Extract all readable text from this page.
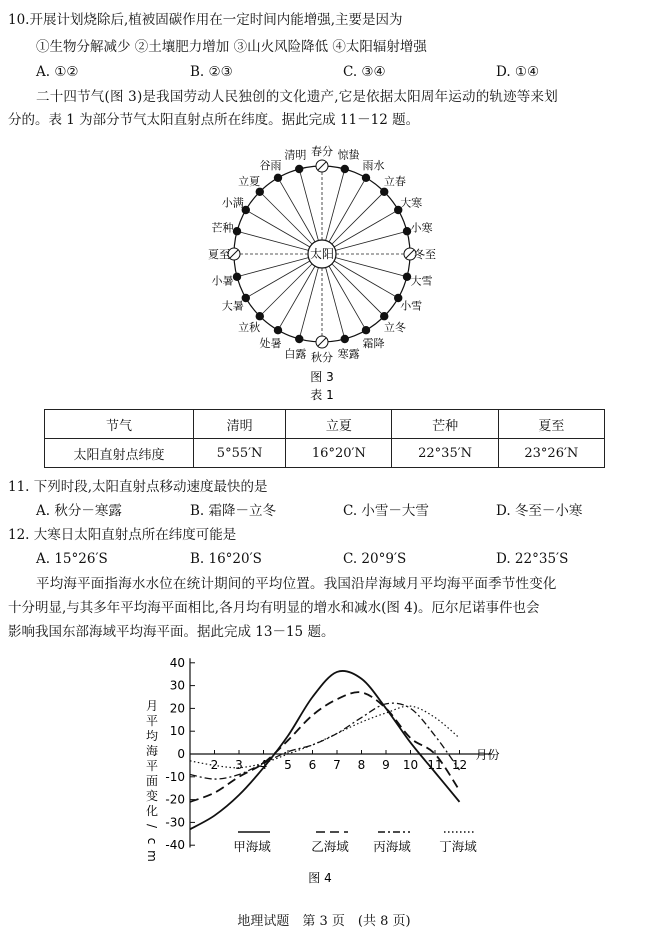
10.开展计划烧除后,植被固碳作用在一定时间内能增强,主要是因为
①生物分解减少 ②土壤肥力增加 ③山火风险降低 ④太阳辐射增强
A. ①②	B. ②③	C. ③④	D. ①④
二十四节气(图 3)是我国劳动人民独创的文化遗产,它是依据太阳周年运动的轨迹等来划
分的。表 1 为部分节气太阳直射点所在纬度。据此完成 11－12 题。
春分 惊蛰
雨水
立春
大寒
小寒
冬至
大雪
小雪
立冬
霜降
寒露
秋分
白露
处暑
立秋
大暑
小暑
夏至
芒种
小满
立夏
谷雨
清明
太阳
图 3
表 1
节气	清明	立夏	芒种	夏至
太阳直射点纬度	5°55′N	16°20′N	22°35′N	23°26′N
11. 下列时段,太阳直射点移动速度最快的是
A. 秋分－寒露	B. 霜降－立冬	C. 小雪－大雪	D. 冬至－小寒
12. 大寒日太阳直射点所在纬度可能是
A. 15°26′S	B. 16°20′S	C. 20°9′S	D. 22°35′S
平均海平面指海水水位在统计期间的平均位置。我国沿岸海域月平均海平面季节性变化
十分明显,与其多年平均海平面相比,各月均有明显的增水和减水(图 4)。厄尔尼诺事件也会
影响我国东部海域平均海平面。据此完成 13－15 题。
40
30
20
10
0
-10
-20
-30
-40
2 3 4 5 6 7 8 9 10 11 12
月份
月
平
均
海
平
面
变
化
/
c
m
甲海域	乙海域 丙海域 丁海域
图 4
地理试题　第 3 页　(共 8 页)
